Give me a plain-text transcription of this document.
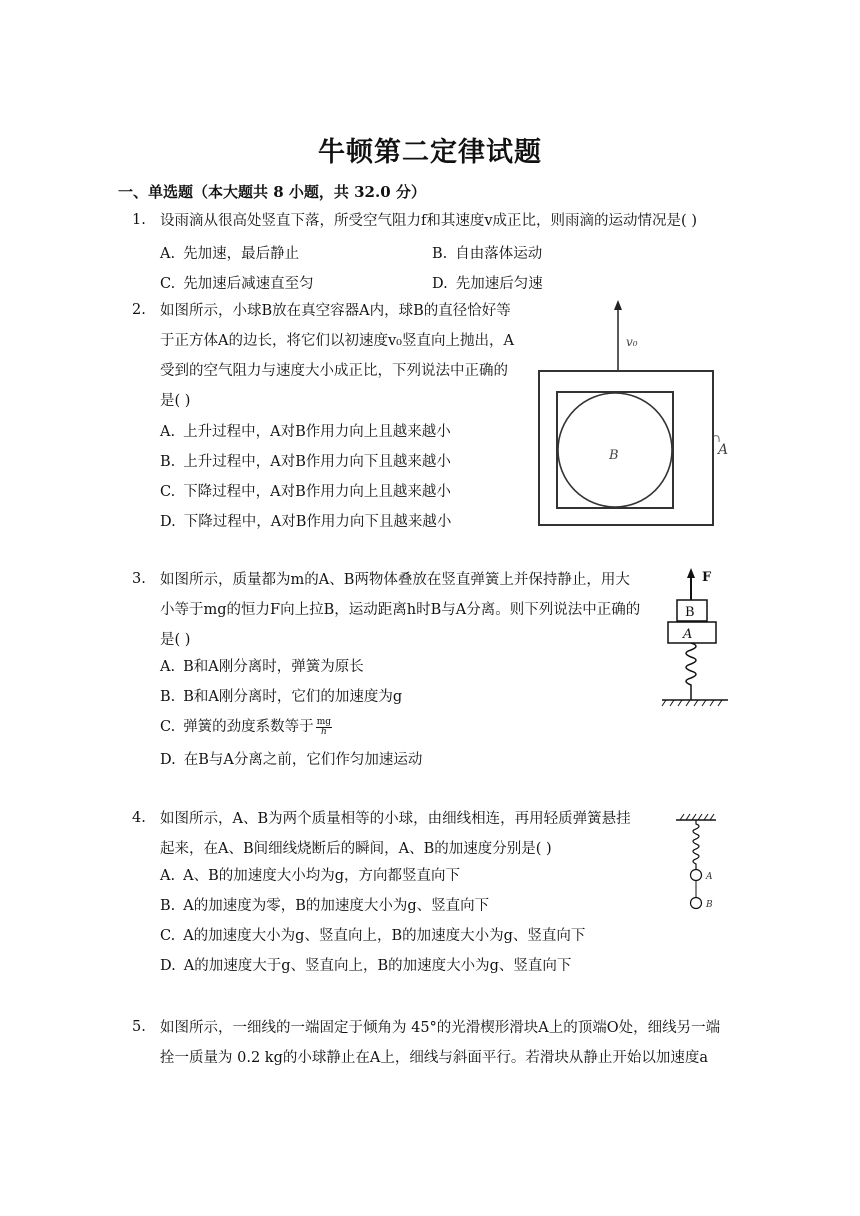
牛顿第二定律试题
一、单选题（本大题共 8 小题，共 32.0 分）
1. 设雨滴从很高处竖直下落，所受空气阻力f和其速度v成正比，则雨滴的运动情况是( )
A. 先加速，最后静止	B. 自由落体运动
C. 先加速后减速直至匀	D. 先加速后匀速
2. 如图所示，小球B放在真空容器A内，球B的直径恰好等
于正方体A的边长，将它们以初速度v₀竖直向上抛出，A
受到的空气阻力与速度大小成正比，下列说法中正确的
是( )
A. 上升过程中，A对B作用力向上且越来越小
B. 上升过程中，A对B作用力向下且越来越小
C. 下降过程中，A对B作用力向上且越来越小
D. 下降过程中，A对B作用力向下且越来越小
v₀
B	A
3. 如图所示，质量都为m的A、B两物体叠放在竖直弹簧上并保持静止，用大
小等于mg的恒力F向上拉B，运动距离h时B与A分离。则下列说法中正确的
是( )
A. B和A刚分离时，弹簧为原长
B. B和A刚分离时，它们的加速度为g
C. 弹簧的劲度系数等于 $\frac{mg}{h}$
D. 在B与A分离之前，它们作匀加速运动
F
B
A
4. 如图所示，A、B为两个质量相等的小球，由细线相连，再用轻质弹簧悬挂
起来，在A、B间细线烧断后的瞬间，A、B的加速度分别是( )
A. A、B的加速度大小均为g，方向都竖直向下
B. A的加速度为零，B的加速度大小为g、竖直向下
C. A的加速度大小为g、竖直向上，B的加速度大小为g、竖直向下
D. A的加速度大于g、竖直向上，B的加速度大小为g、竖直向下
A
B
5. 如图所示，一细线的一端固定于倾角为 45°的光滑楔形滑块A上的顶端O处，细线另一端
拴一质量为 0.2 kg的小球静止在A上，细线与斜面平行。若滑块从静止开始以加速度a
